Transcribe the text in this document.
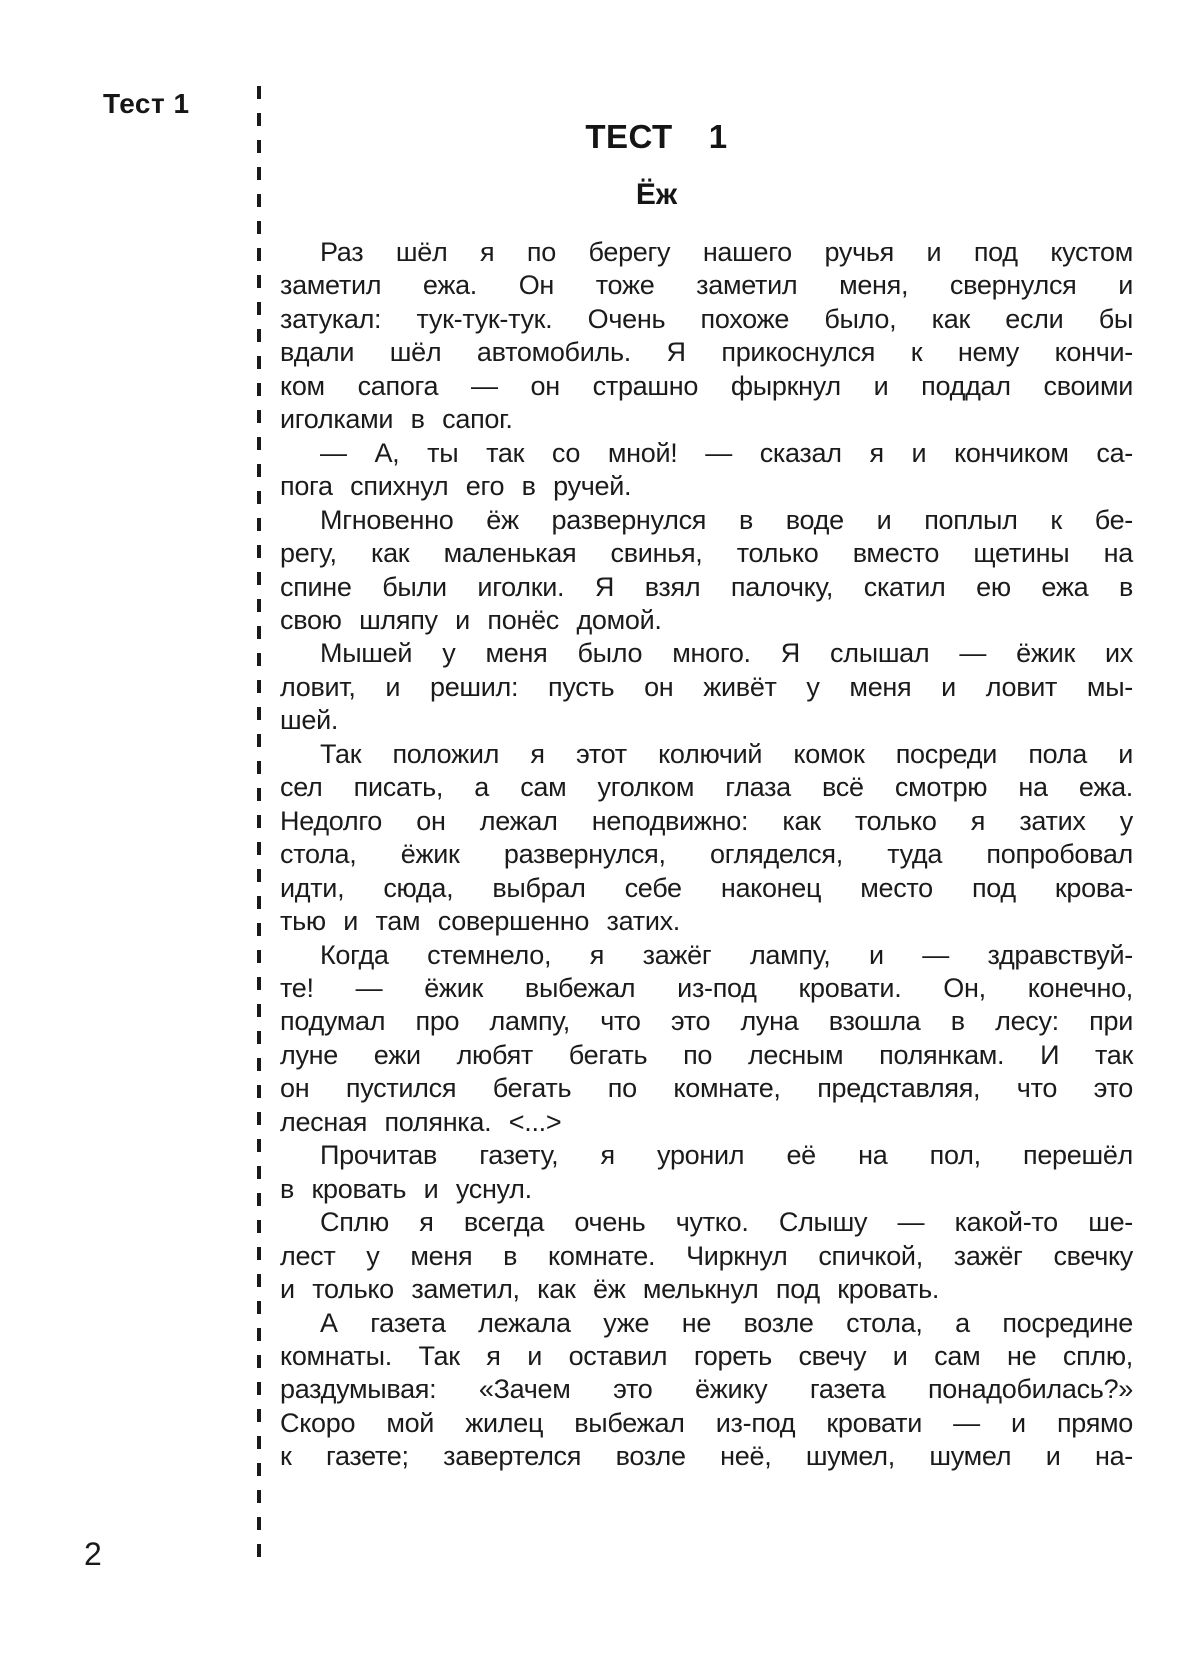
Тест 1
ТЕСТ 1
Ёж
Раз шёл я по берегу нашего ручья и под кустом
заметил ежа. Он тоже заметил меня, свернулся и
затукал: тук-тук-тук. Очень похоже было, как если бы
вдали шёл автомобиль. Я прикоснулся к нему кончи-
ком сапога — он страшно фыркнул и поддал своими
иголками в сапог.
— А, ты так со мной! — сказал я и кончиком са-
пога спихнул его в ручей.
Мгновенно ёж развернулся в воде и поплыл к бе-
регу, как маленькая свинья, только вместо щетины на
спине были иголки. Я взял палочку, скатил ею ежа в
свою шляпу и понёс домой.
Мышей у меня было много. Я слышал — ёжик их
ловит, и решил: пусть он живёт у меня и ловит мы-
шей.
Так положил я этот колючий комок посреди пола и
сел писать, а сам уголком глаза всё смотрю на ежа.
Недолго он лежал неподвижно: как только я затих у
стола, ёжик развернулся, огляделся, туда попробовал
идти, сюда, выбрал себе наконец место под крова-
тью и там совершенно затих.
Когда стемнело, я зажёг лампу, и — здравствуй-
те! — ёжик выбежал из-под кровати. Он, конечно,
подумал про лампу, что это луна взошла в лесу: при
луне ежи любят бегать по лесным полянкам. И так
он пустился бегать по комнате, представляя, что это
лесная полянка. <...>
Прочитав газету, я уронил её на пол, перешёл
в кровать и уснул.
Сплю я всегда очень чутко. Слышу — какой-то ше-
лест у меня в комнате. Чиркнул спичкой, зажёг свечку
и только заметил, как ёж мелькнул под кровать.
А газета лежала уже не возле стола, а посредине
комнаты. Так я и оставил гореть свечу и сам не сплю,
раздумывая: «Зачем это ёжику газета понадобилась?»
Скоро мой жилец выбежал из-под кровати — и прямо
к газете; завертелся возле неё, шумел, шумел и на-
2
